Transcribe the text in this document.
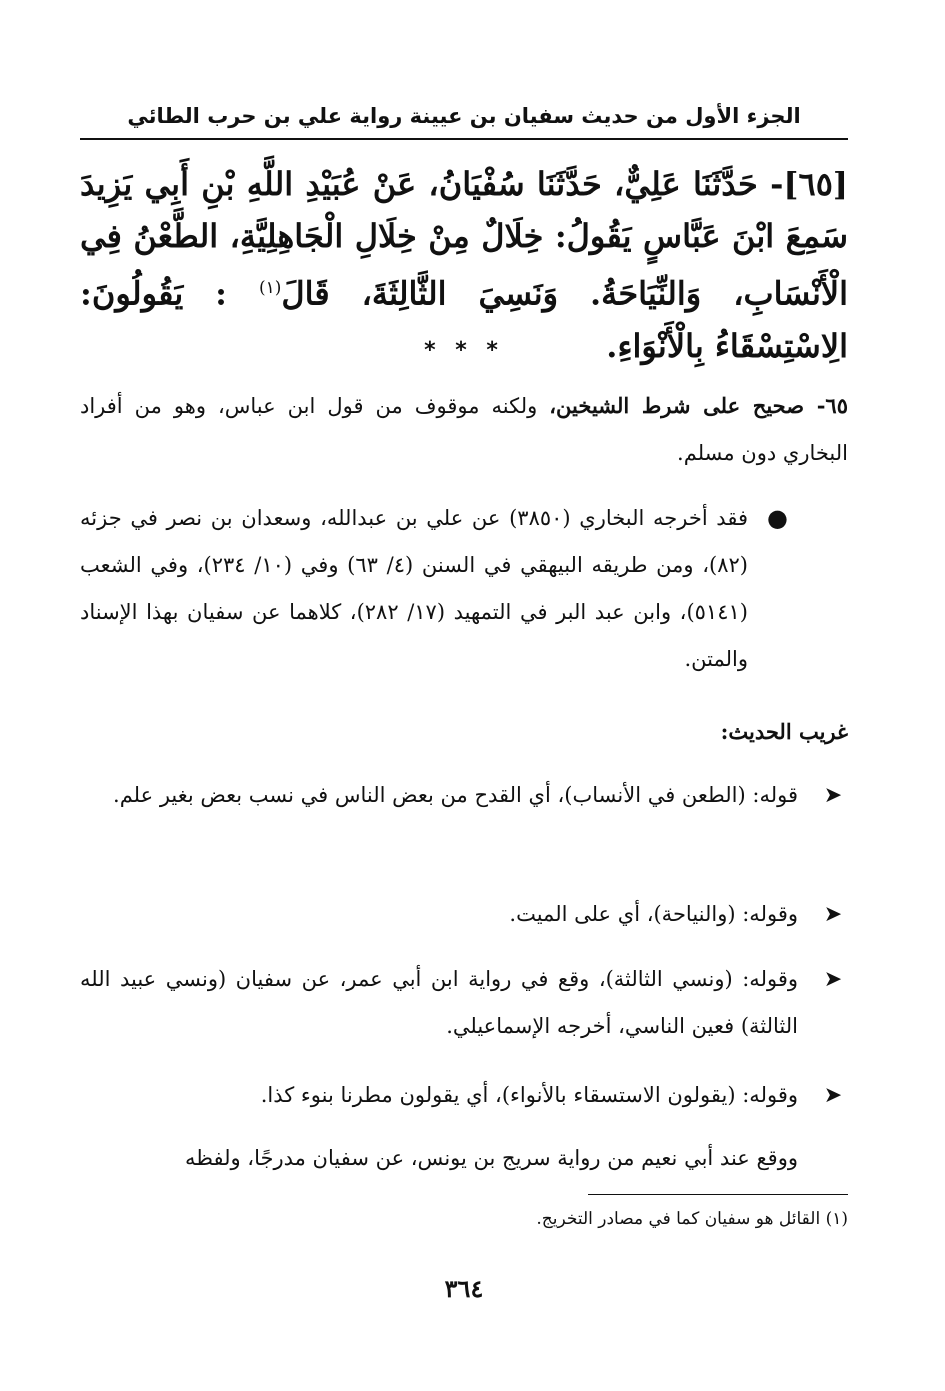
الجزء الأول من حديث سفيان بن عيينة رواية علي بن حرب الطائي
[٦٥]- حَدَّثَنَا عَلِيٌّ، حَدَّثَنَا سُفْيَانُ، عَنْ عُبَيْدِ اللَّهِ بْنِ أَبِي يَزِيدَ سَمِعَ ابْنَ عَبَّاسٍ يَقُولُ: خِلَالٌ مِنْ خِلَالِ الْجَاهِلِيَّةِ، الطَّعْنُ فِي الْأَنْسَابِ، وَالنِّيَاحَةُ. وَنَسِيَ الثَّالِثَةَ، قَالَ$^{(١)}$ : يَقُولُونَ: الِاسْتِسْقَاءُ بِالْأَنْوَاءِ.
* * *
٦٥- صحيح على شرط الشيخين، ولكنه موقوف من قول ابن عباس، وهو من أفراد البخاري دون مسلم.
●
فقد أخرجه البخاري (٣٨٥٠) عن علي بن عبدالله، وسعدان بن نصر في جزئه (٨٢)، ومن طريقه البيهقي في السنن (٤/ ٦٣) وفي (١٠/ ٢٣٤)، وفي الشعب (٥١٤١)، وابن عبد البر في التمهيد (١٧/ ٢٨٢)، كلاهما عن سفيان بهذا الإسناد والمتن.
غريب الحديث:
➤
قوله: (الطعن في الأنساب)، أي القدح من بعض الناس في نسب بعض بغير علم.
➤
وقوله: (والنياحة)، أي على الميت.
➤
وقوله: (ونسي الثالثة)، وقع في رواية ابن أبي عمر، عن سفيان (ونسي عبيد الله الثالثة) فعين الناسي، أخرجه الإسماعيلي.
➤
وقوله: (يقولون الاستسقاء بالأنواء)، أي يقولون مطرنا بنوء كذا.
ووقع عند أبي نعيم من رواية سريج بن يونس، عن سفيان مدرجًا، ولفظه
(١) القائل هو سفيان كما في مصادر التخريج.
٣٦٤
